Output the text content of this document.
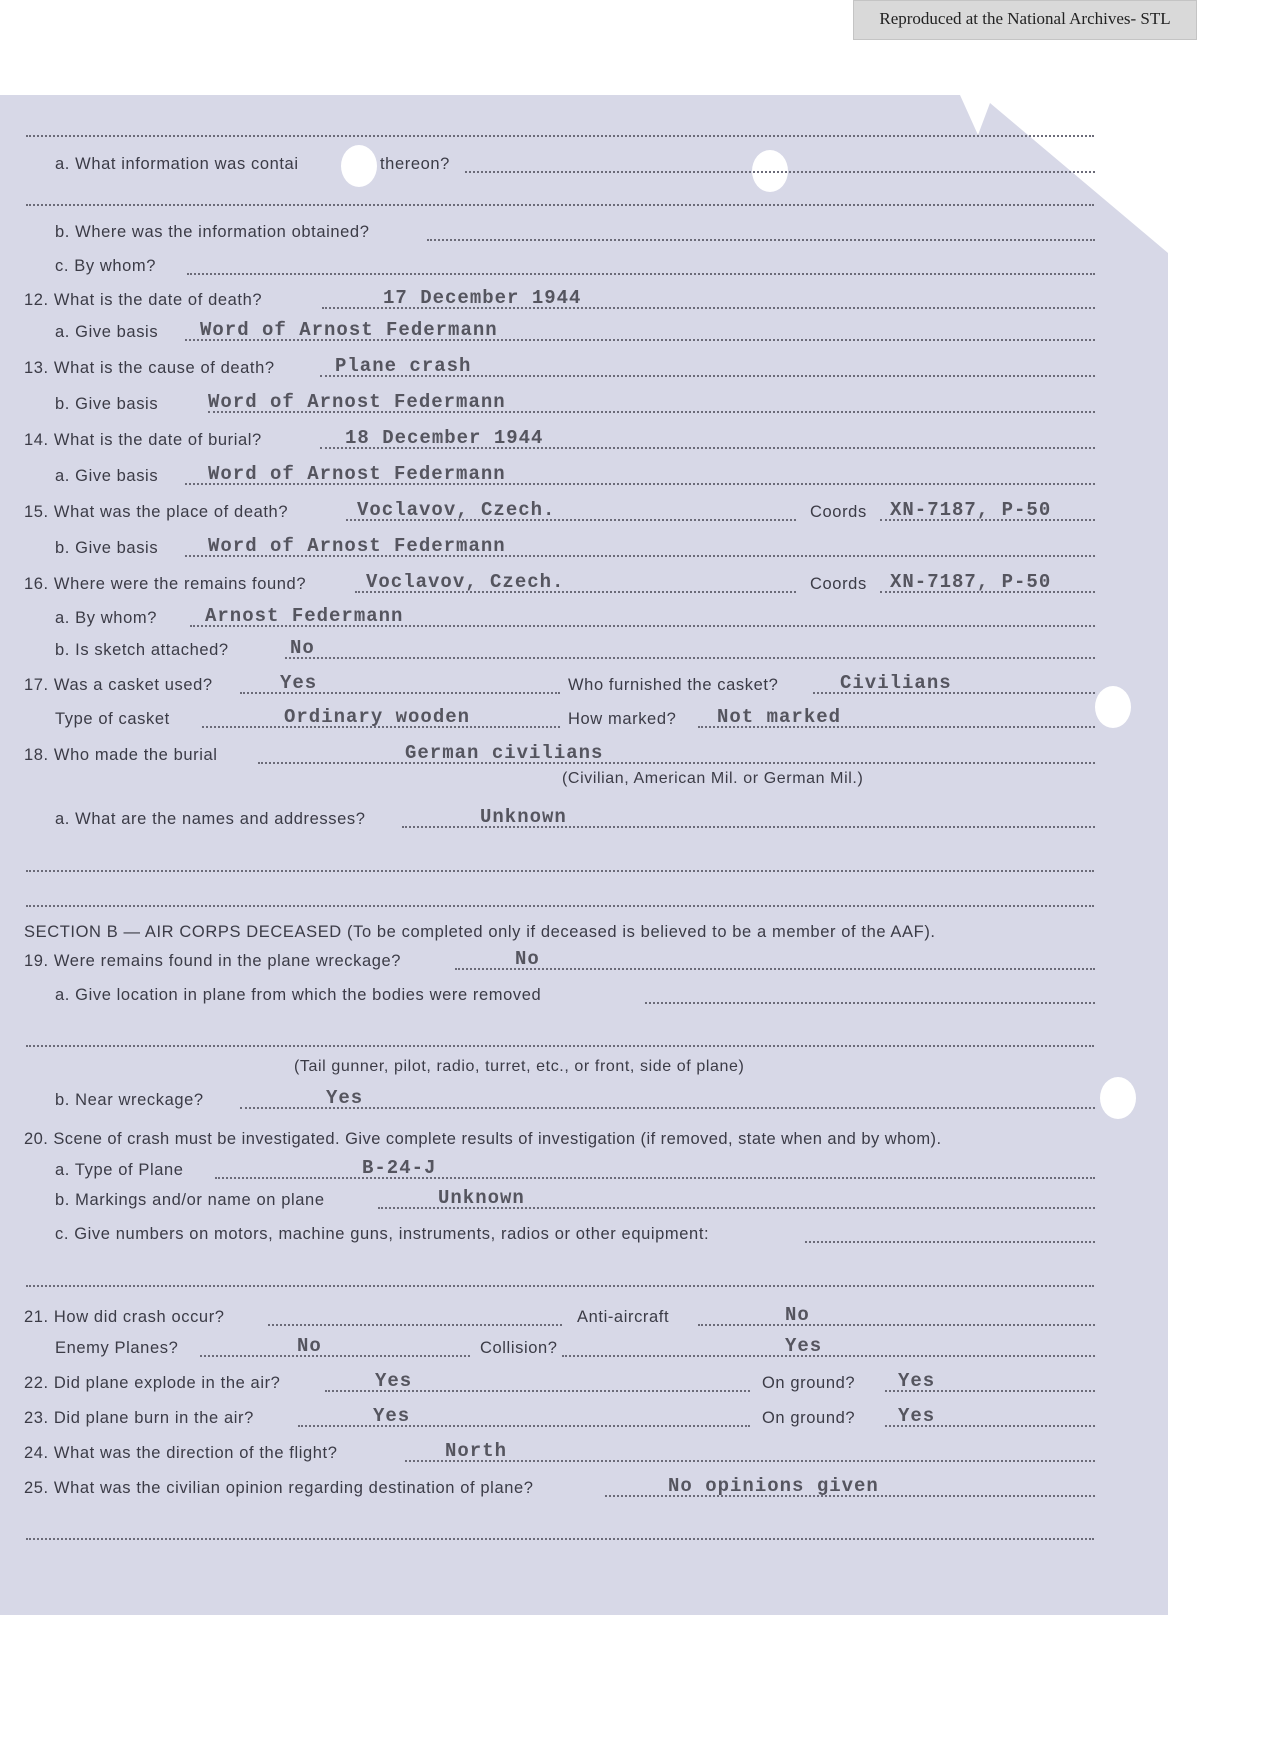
Reproduced at the National Archives- STL
a. What information was contai	thereon?
b. Where was the information obtained?
c. By whom?
12. What is the date of death?	17 December 1944
a. Give basis Word of Arnost Federmann
13. What is the cause of death?	Plane crash
b. Give basis	Word of Arnost Federmann
14. What is the date of burial?	18 December 1944
a. Give basis	Word of Arnost Federmann
15. What was the place of death?	Voclavov, Czech.	Coords XN-7187, P-50
b. Give basis	Word of Arnost Federmann
16. Where were the remains found?	Voclavov, Czech.	Coords XN-7187, P-50
a. By whom?	Arnost Federmann
b. Is sketch attached?	No
17. Was a casket used?	Yes	Who furnished the casket?	Civilians
Type of casket	Ordinary wooden	How marked? Not marked
18. Who made the burial	German civilians
(Civilian, American Mil. or German Mil.)
a. What are the names and addresses?	Unknown
SECTION B — AIR CORPS DECEASED (To be completed only if deceased is believed to be a member of the AAF).
19. Were remains found in the plane wreckage?	No
a. Give location in plane from which the bodies were removed
(Tail gunner, pilot, radio, turret, etc., or front, side of plane)
b. Near wreckage?	Yes
20. Scene of crash must be investigated. Give complete results of investigation (if removed, state when and by whom).
a. Type of Plane	B-24-J
b. Markings and/or name on plane	Unknown
c. Give numbers on motors, machine guns, instruments, radios or other equipment:
21. How did crash occur?	Anti-aircraft	No
Enemy Planes?	No	Collision?	Yes
22. Did plane explode in the air?	Yes	On ground? Yes
23. Did plane burn in the air?	Yes	On ground? Yes
24. What was the direction of the flight?	North
25. What was the civilian opinion regarding destination of plane?	No opinions given
